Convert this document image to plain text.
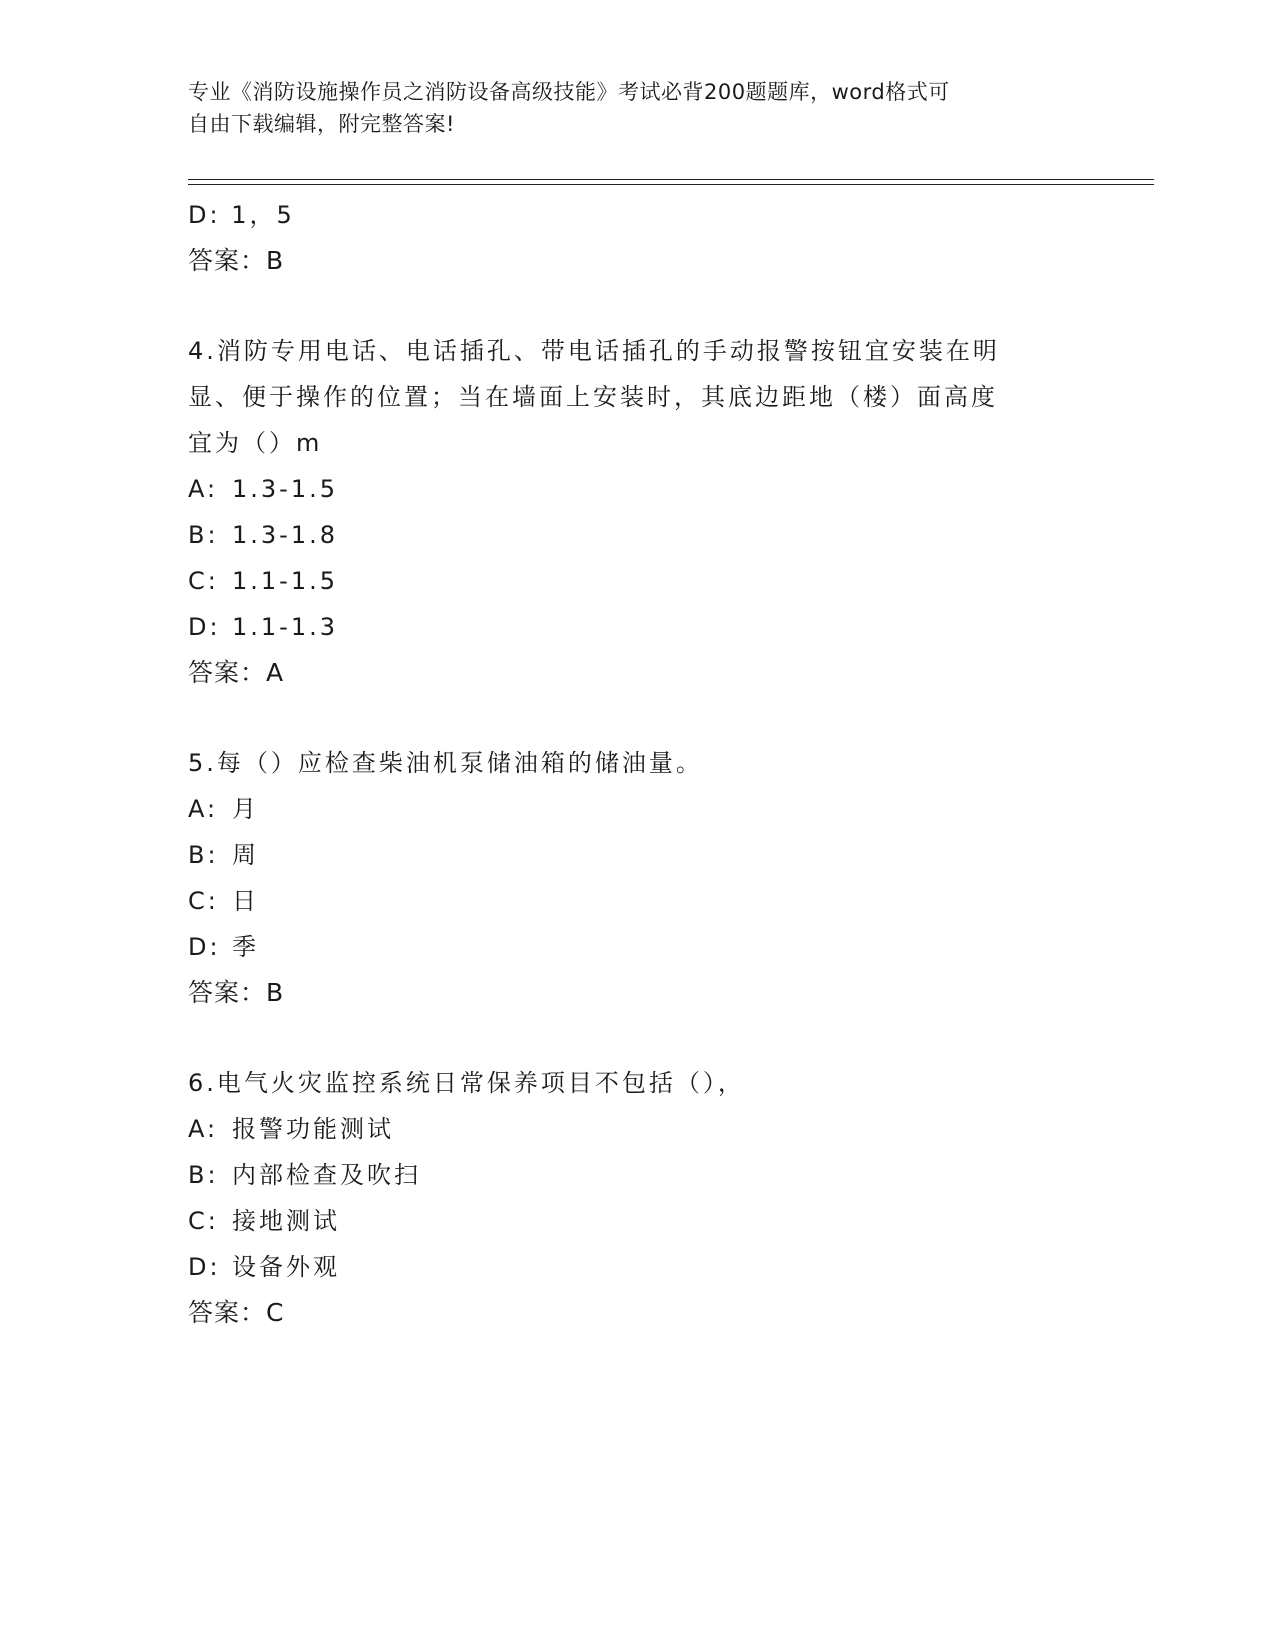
专业《消防设施操作员之消防设备高级技能》考试必背200题题库，word格式可
自由下载编辑，附完整答案!
D: 1，5
答案：B
4.消防专用电话、电话插孔、带电话插孔的手动报警按钮宜安装在明
显、便于操作的位置；当在墙面上安装时，其底边距地（楼）面高度
宜为（）m
A: 1.3-1.5
B: 1.3-1.8
C: 1.1-1.5
D: 1.1-1.3
答案：A
5.每（）应检查柴油机泵储油箱的储油量。
A: 月
B: 周
C: 日
D: 季
答案：B
6.电气火灾监控系统日常保养项目不包括（），
A: 报警功能测试
B: 内部检查及吹扫
C: 接地测试
D: 设备外观
答案：C
